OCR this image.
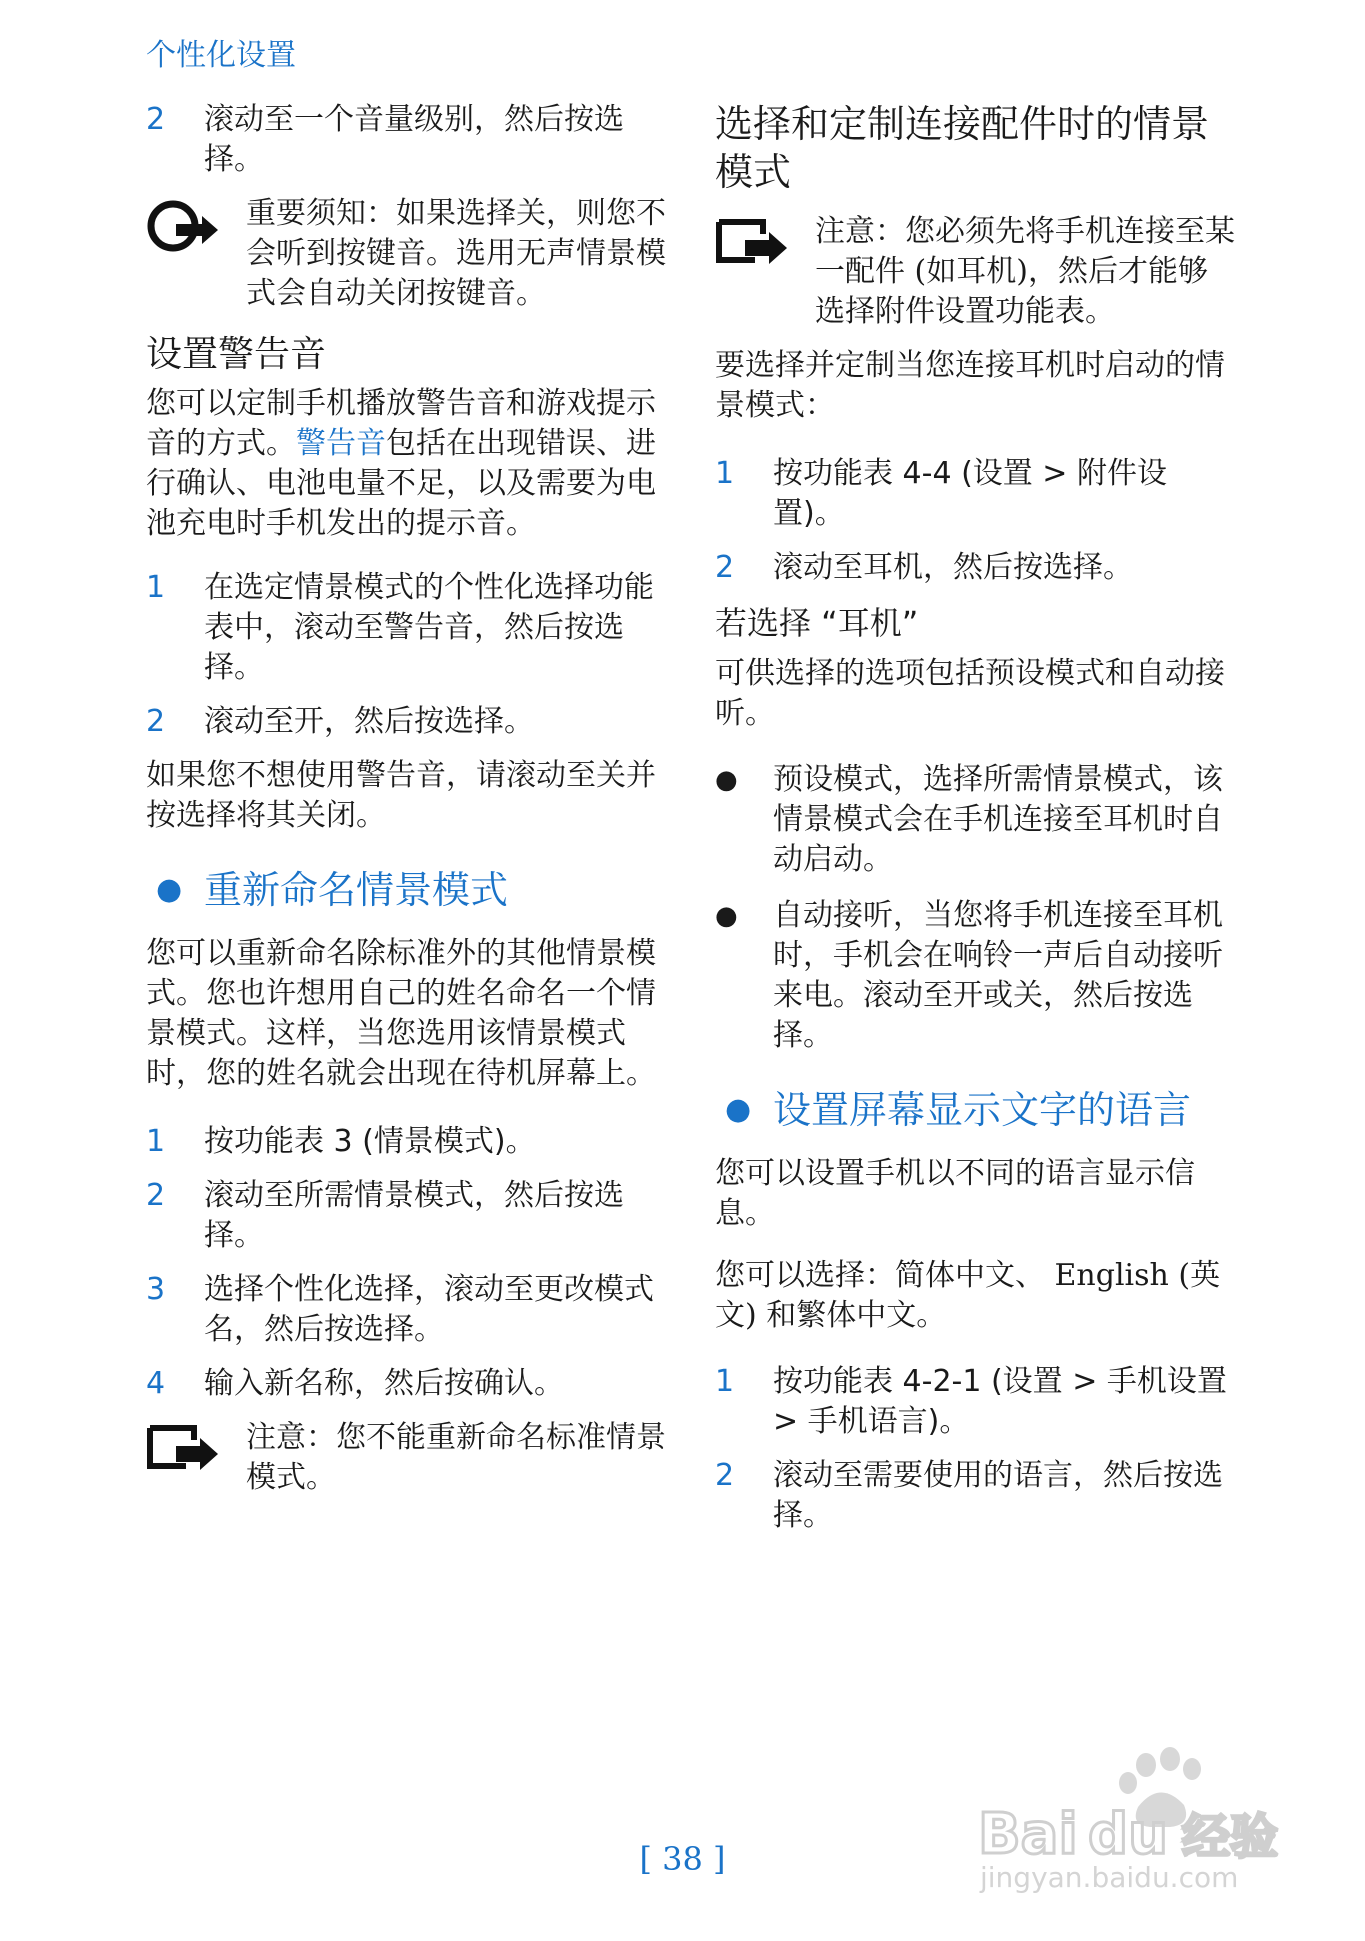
个性化设置
2	滚动至一个音量级别，然后按选择。
重要须知：如果选择关，则您不会听到按键音。选用无声情景模式会自动关闭按键音。
设置警告音

您可以定制手机播放警告音和游戏提示音的方式。警告音包括在出现错误、进行确认、电池电量不足，以及需要为电池充电时手机发出的提示音。

1	在选定情景模式的个性化选择功能表中，滚动至警告音，然后按选择。
2	滚动至开，然后按选择。

如果您不想使用警告音，请滚动至关并按选择将其关闭。

● 重新命名情景模式

您可以重新命名除标准外的其他情景模式。您也许想用自己的姓名命名一个情景模式。这样，当您选用该情景模式时，您的姓名就会出现在待机屏幕上。

1	按功能表 3 (情景模式)。
2	滚动至所需情景模式，然后按选择。
3	选择个性化选择，滚动至更改模式名，然后按选择。
4	输入新名称，然后按确认。
注意：您不能重新命名标准情景模式。
选择和定制连接配件时的情景模式
注意：您必须先将手机连接至某一配件 (如耳机)，然后才能够选择附件设置功能表。

要选择并定制当您连接耳机时启动的情景模式：

1	按功能表 4-4 (设置 > 附件设置)。
2	滚动至耳机，然后按选择。
若选择 “耳机”

可供选择的选项包括预设模式和自动接听。

●	预设模式，选择所需情景模式，该情景模式会在手机连接至耳机时自动启动。
●	自动接听，当您将手机连接至耳机时，手机会在响铃一声后自动接听来电。滚动至开或关，然后按选择。
● 设置屏幕显示文字的语言

您可以设置手机以不同的语言显示信息。

您可以选择：简体中文、 English (英文) 和繁体中文。

1	按功能表 4-2-1 (设置 > 手机设置 > 手机语言)。
2	滚动至需要使用的语言，然后按选择。
Bai du 经验
jingyan.baidu.com
[ 38 ]
